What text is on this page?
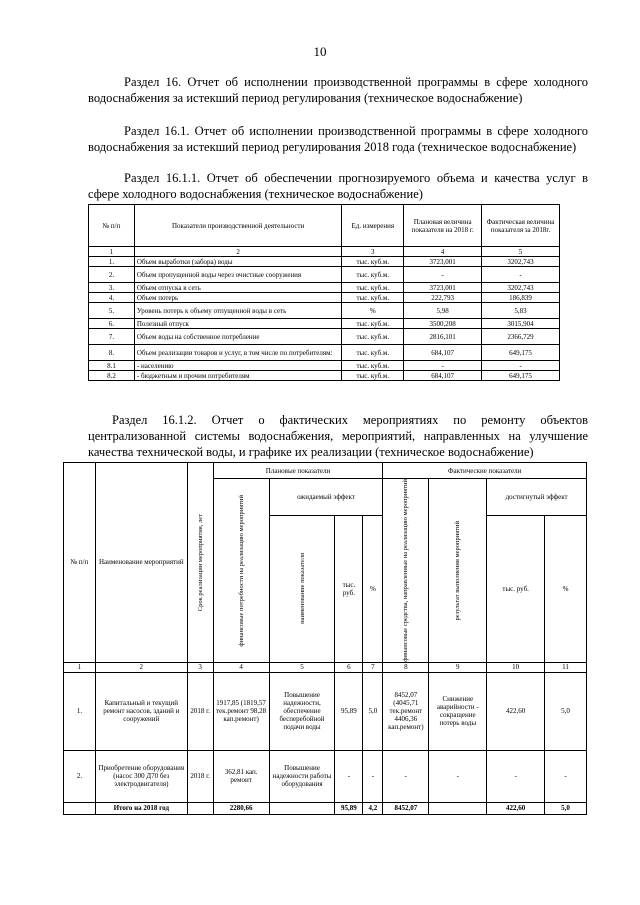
10
Раздел 16. Отчет об исполнении производственной программы в сфере холодного водоснабжения за истекший период регулирования (техническое водоснабжение)
Раздел 16.1. Отчет об исполнении производственной программы в сфере холодного водоснабжения за истекший период регулирования 2018 года (техническое водоснабжение)
Раздел 16.1.1. Отчет об обеспечении прогнозируемого объема и качества услуг в сфере холодного водоснабжения (техническое водоснабжение)
№ п/п	Показатели производственной деятельности	Ед. измерения	Плановая величина показателя на 2018 г.	Фактическая величина показателя за 2018г.
1	2	3	4	5
1.	Объем выработки (забора) воды	тыс. куб.м.	3723,001	3202,743
2.	Объем пропущенной воды через очистные сооружения	тыс. куб.м.	-	-
3.	Объем отпуска в сеть	тыс. куб.м.	3723,001	3202,743
4.	Объем потерь	тыс. куб.м.	222,793	186,839
5.	Уровень потерь к объему отпущенной воды в сеть	%	5,98	5,83
6.	Полезный отпуск	тыс. куб.м.	3500,208	3015,904
7.	Объем воды на собственное потребление	тыс. куб.м.	2816,101	2366,729
8.	Объем реализации товаров и услуг, в том числе по потребителям:	тыс. куб.м.	684,107	649,175
8.1	- населению	тыс. куб.м.	-	-
8.2	- бюджетным и прочим потребителям	тыс. куб.м.	684,107	649,175
Раздел 16.1.2. Отчет о фактических мероприятиях по ремонту объектов централизованной системы водоснабжения, мероприятий, направленных на улучшение качества технической воды, и графике их реализации (техническое водоснабжение)
№ п/п	Наименование мероприятий	Срок реализации мероприятия, лет	Плановые показатели				Фактические показатели			

			финансовые потребности на реализацию мероприятий	ожидаемый эффект			финансовые средства, направленные на реализацию мероприятий	результат выполнения мероприятий	достигнутый эффект	

				наименование показателя	тыс. руб.	%			тыс. руб.	%
1	2	3	4	5	6	7	8	9	10	11
1.	Капитальный и текущий ремонт насосов, зданий и сооружений	2018 г.	1917,85 (1819,57 тек.ремонт 98,28 кап.ремонт)	Повышение надежности, обеспечение бесперебойной подачи воды	95,89	5,0	8452,07 (4045,71 тек.ремонт 4406,36 кап.ремонт)	Снижение аварийности - сокращение потерь воды	422,60	5,0
2.	Приобретение оборудования (насос 300 Д70 без электродвигателя)	2018 г.	362,81 кап. ремонт	Повышение надежности работы оборудования	-	-	-	-	-	-
	Итого на 2018 год		2280,66		95,89	4,2	8452,07		422,60	5,0
